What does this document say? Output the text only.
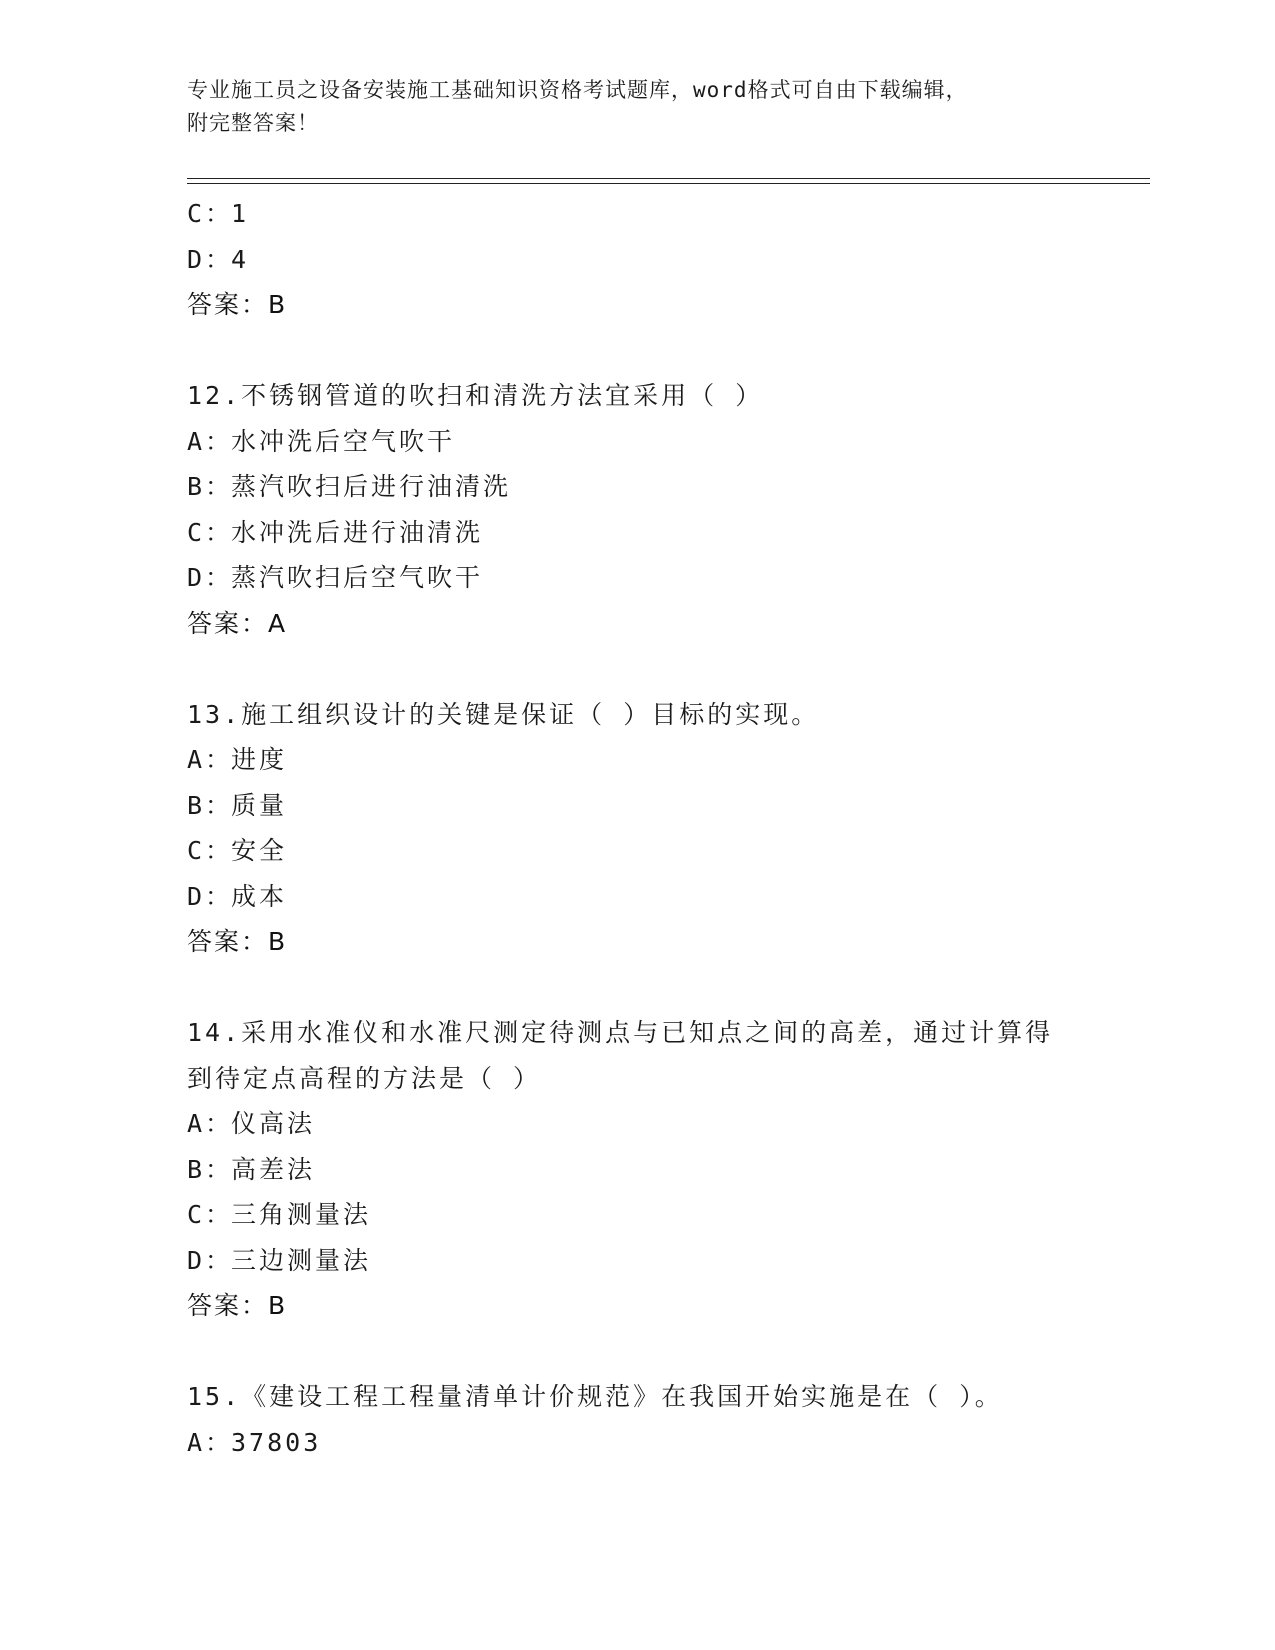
专业施工员之设备安装施工基础知识资格考试题库，word格式可自由下载编辑，
附完整答案！
C：1
D：4
答案：B
12.不锈钢管道的吹扫和清洗方法宜采用（ ）
A：水冲洗后空气吹干
B：蒸汽吹扫后进行油清洗
C：水冲洗后进行油清洗
D：蒸汽吹扫后空气吹干
答案：A
13.施工组织设计的关键是保证（ ）目标的实现。
A：进度
B：质量
C：安全
D：成本
答案：B
14.采用水准仪和水准尺测定待测点与已知点之间的高差，通过计算得
到待定点高程的方法是（ ）
A：仪高法
B：高差法
C：三角测量法
D：三边测量法
答案：B
15.《建设工程工程量清单计价规范》在我国开始实施是在（ ）。
A：37803
